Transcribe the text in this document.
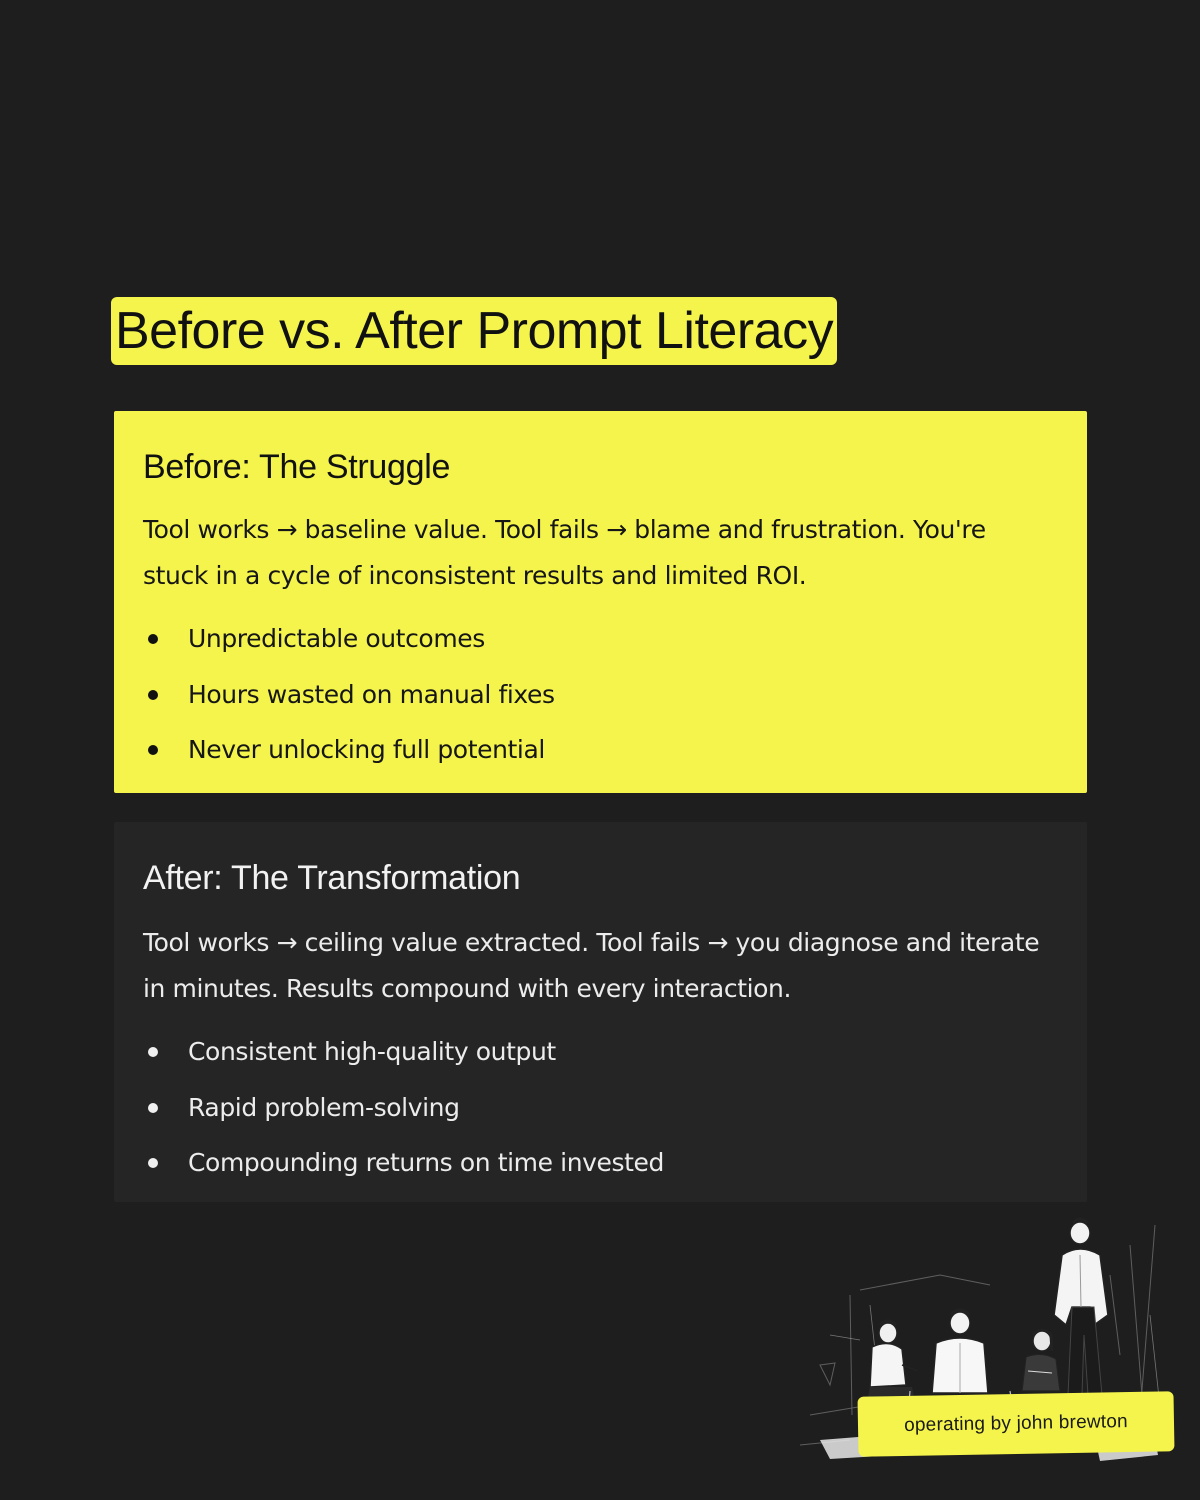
Before vs. After Prompt Literacy
Before: The Struggle

Tool works → baseline value. Tool fails → blame and frustration. You're stuck in a cycle of inconsistent results and limited ROI.

Unpredictable outcomes
Hours wasted on manual fixes
Never unlocking full potential
After: The Transformation

Tool works → ceiling value extracted. Tool fails → you diagnose and iterate in minutes. Results compound with every interaction.

Consistent high-quality output
Rapid problem-solving
Compounding returns on time invested
operating by john brewton
